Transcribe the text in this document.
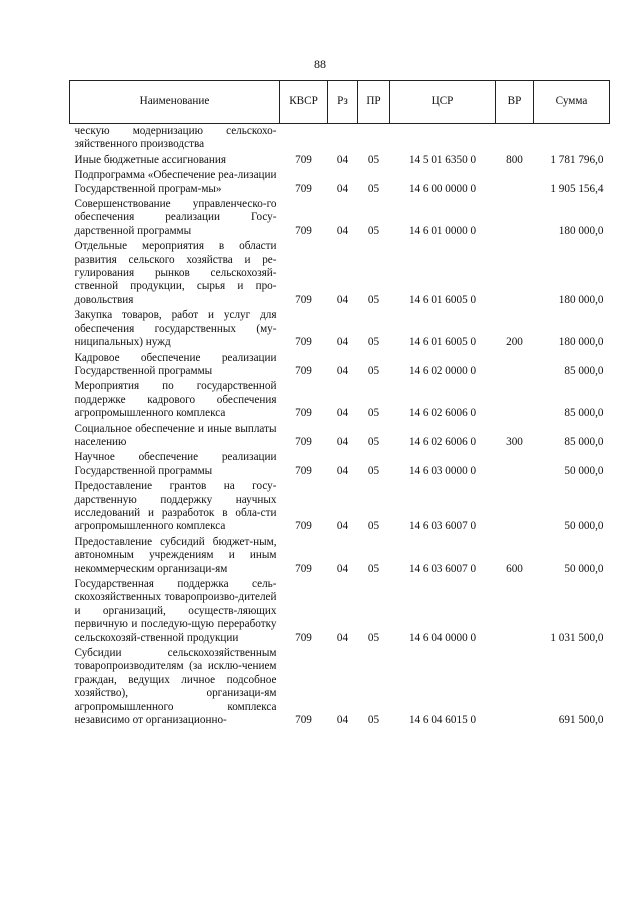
88
Наименование	КВСР	Рз	ПР	ЦСР	ВР	Сумма
ческую модернизацию сельскохо-зяйственного производства						
Иные бюджетные ассигнования	709	04	05	14 5 01 6350 0	800	1 781 796,0
Подпрограмма «Обеспечение реа-лизации Государственной програм-мы»	709	04	05	14 6 00 0000 0		1 905 156,4
Совершенствование управленческо-го обеспечения реализации Госу-дарственной программы	709	04	05	14 6 01 0000 0		180 000,0
Отдельные мероприятия в области развития сельского хозяйства и ре-гулирования рынков сельскохозяй-ственной продукции, сырья и про-довольствия	709	04	05	14 6 01 6005 0		180 000,0
Закупка товаров, работ и услуг для обеспечения государственных (му-ниципальных) нужд	709	04	05	14 6 01 6005 0	200	180 000,0
Кадровое обеспечение реализации Государственной программы	709	04	05	14 6 02 0000 0		85 000,0
Мероприятия по государственной поддержке кадрового обеспечения агропромышленного комплекса	709	04	05	14 6 02 6006 0		85 000,0
Социальное обеспечение и иные выплаты населению	709	04	05	14 6 02 6006 0	300	85 000,0
Научное обеспечение реализации Государственной программы	709	04	05	14 6 03 0000 0		50 000,0
Предоставление грантов на госу-дарственную поддержку научных исследований и разработок в обла-сти агропромышленного комплекса	709	04	05	14 6 03 6007 0		50 000,0
Предоставление субсидий бюджет-ным, автономным учреждениям и иным некоммерческим организаци-ям	709	04	05	14 6 03 6007 0	600	50 000,0
Государственная поддержка сель-скохозяйственных товаропроизво-дителей и организаций, осуществ-ляющих первичную и последую-щую переработку сельскохозяй-ственной продукции	709	04	05	14 6 04 0000 0		1 031 500,0
Субсидии сельскохозяйственным товаропроизводителям (за исклю-чением граждан, ведущих личное подсобное хозяйство), организаци-ям агропромышленного комплекса независимо от организационно-	709	04	05	14 6 04 6015 0		691 500,0
